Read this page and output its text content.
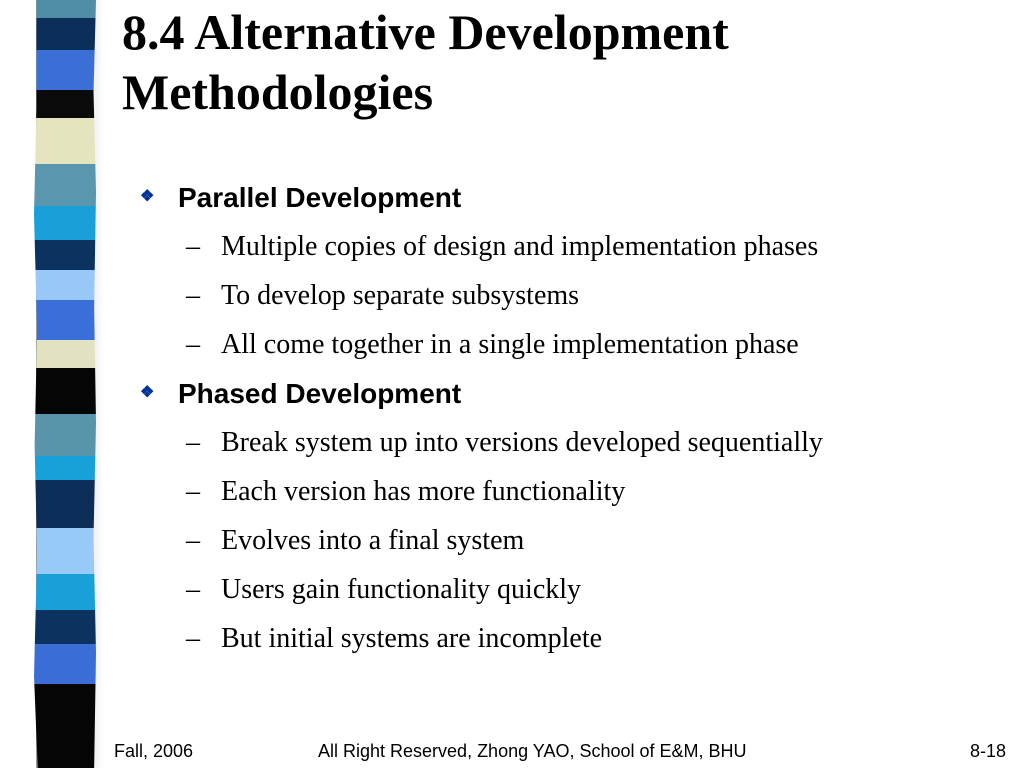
8.4 Alternative Development
Methodologies
❖ Parallel Development
– Multiple copies of design and implementation phases
– To develop separate subsystems
– All come together in a single implementation phase
❖ Phased Development
– Break system up into versions developed sequentially
– Each version has more functionality
– Evolves into a final system
– Users gain functionality quickly
– But initial systems are incomplete
Fall, 2006	All Right Reserved, Zhong YAO, School of E&M, BHU	8-18
